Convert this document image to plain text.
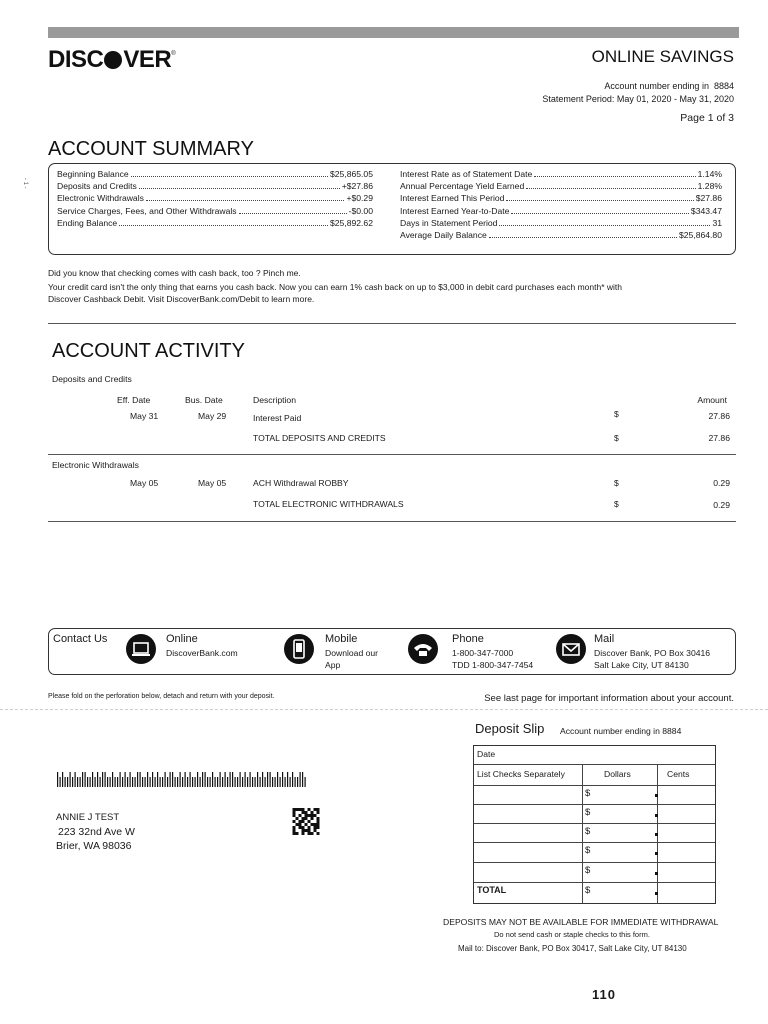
DISC VER®	ONLINE SAVINGS
Account number ending in 8884
Statement Period: May 01, 2020 - May 31, 2020
Page 1 of 3
- 1 -
ACCOUNT SUMMARY
Beginning Balance	$25,865.05
Deposits and Credits	+$27.86
Electronic Withdrawals	+$0.29
Service Charges, Fees, and Other Withdrawals	-$0.00
Ending Balance	$25,892.62
Interest Rate as of Statement Date	1.14%
Annual Percentage Yield Earned	1.28%
Interest Earned This Period	$27.86
Interest Earned Year-to-Date	$343.47
Days in Statement Period	31
Average Daily Balance	$25,864.80
Did you know that checking comes with cash back, too ? Pinch me.
Your credit card isn't the only thing that earns you cash back. Now you can earn 1% cash back on up to $3,000 in debit card purchases each month* with
Discover Cashback Debit. Visit DiscoverBank.com/Debit to learn more.
ACCOUNT ACTIVITY
Deposits and Credits
Eff. Date	Bus. Date	Description	Amount
May 31	May 29	Interest Paid	$	27.86
TOTAL DEPOSITS AND CREDITS	$	27.86
Electronic Withdrawals
May 05	May 05	ACH Withdrawal ROBBY	$	0.29
TOTAL ELECTRONIC WITHDRAWALS	$	0.29
Contact Us	Online
DiscoverBank.com
Mobile
Download our
App
Phone
1-800-347-7000
TDD 1-800-347-7454
Mail
Discover Bank, PO Box 30416
Salt Lake City, UT 84130
Please fold on the perforation below, detach and return with your deposit.	See last page for important information about your account.
Deposit Slip Account number ending in 8884
Date
List Checks Separately	Dollars	Cents
$
$
$
$
$
$
TOTAL
DEPOSITS MAY NOT BE AVAILABLE FOR IMMEDIATE WITHDRAWAL
Do not send cash or staple checks to this form.
Mail to: Discover Bank, PO Box 30417, Salt Lake City, UT 84130
ANNIE J TEST
223 32nd Ave W
Brier, WA 98036
110
